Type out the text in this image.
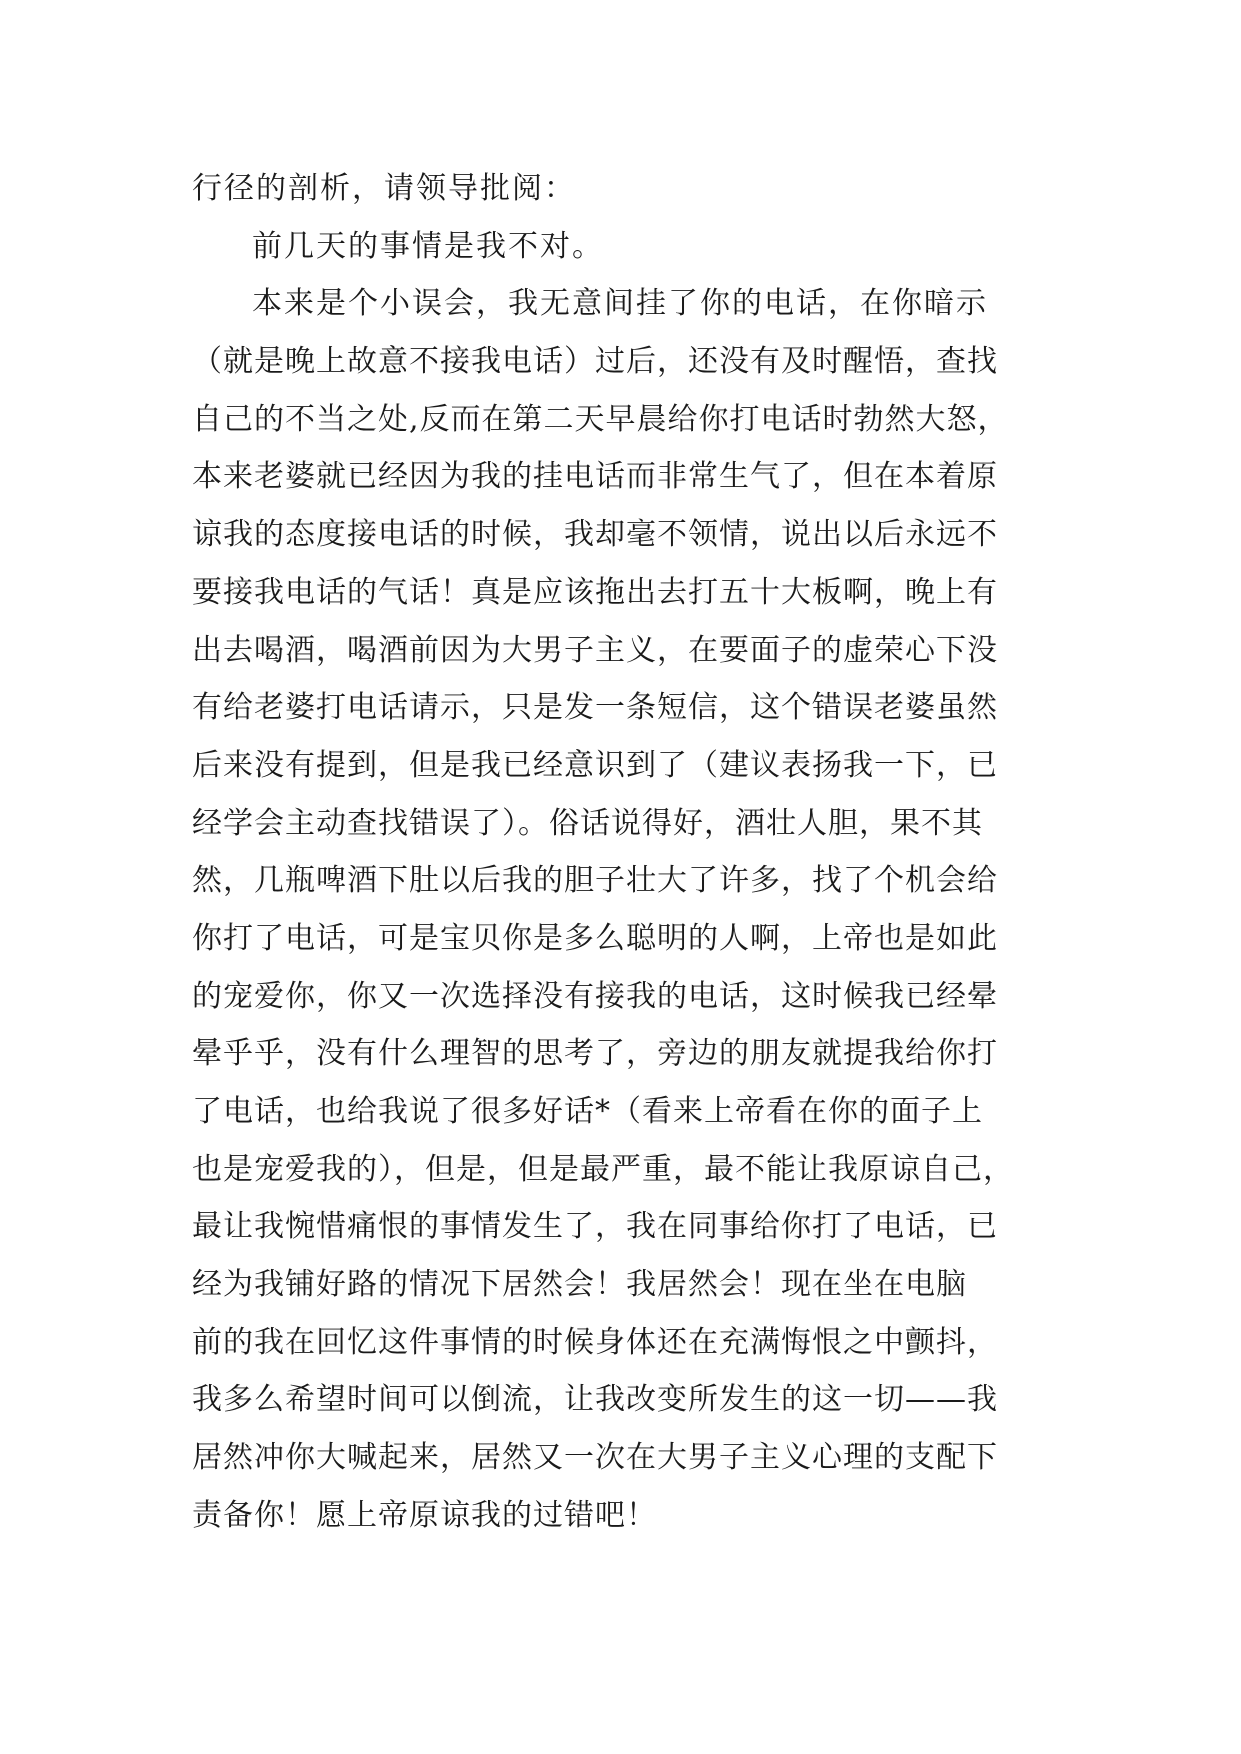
行径的剖析，请领导批阅：
前几天的事情是我不对。
本来是个小误会，我无意间挂了你的电话，在你暗示
（就是晚上故意不接我电话）过后，还没有及时醒悟，查找
自己的不当之处,反而在第二天早晨给你打电话时勃然大怒，
本来老婆就已经因为我的挂电话而非常生气了，但在本着原
谅我的态度接电话的时候，我却毫不领情，说出以后永远不
要接我电话的气话！真是应该拖出去打五十大板啊，晚上有
出去喝酒，喝酒前因为大男子主义，在要面子的虚荣心下没
有给老婆打电话请示，只是发一条短信，这个错误老婆虽然
后来没有提到，但是我已经意识到了（建议表扬我一下，已
经学会主动查找错误了）。俗话说得好，酒壮人胆，果不其
然，几瓶啤酒下肚以后我的胆子壮大了许多，找了个机会给
你打了电话，可是宝贝你是多么聪明的人啊，上帝也是如此
的宠爱你，你又一次选择没有接我的电话，这时候我已经晕
晕乎乎，没有什么理智的思考了，旁边的朋友就提我给你打
了电话，也给我说了很多好话*（看来上帝看在你的面子上
也是宠爱我的），但是，但是最严重，最不能让我原谅自己，
最让我惋惜痛恨的事情发生了，我在同事给你打了电话，已
经为我铺好路的情况下居然会！我居然会！现在坐在电脑
前的我在回忆这件事情的时候身体还在充满悔恨之中颤抖，
我多么希望时间可以倒流，让我改变所发生的这一切——我
居然冲你大喊起来，居然又一次在大男子主义心理的支配下
责备你！愿上帝原谅我的过错吧！
